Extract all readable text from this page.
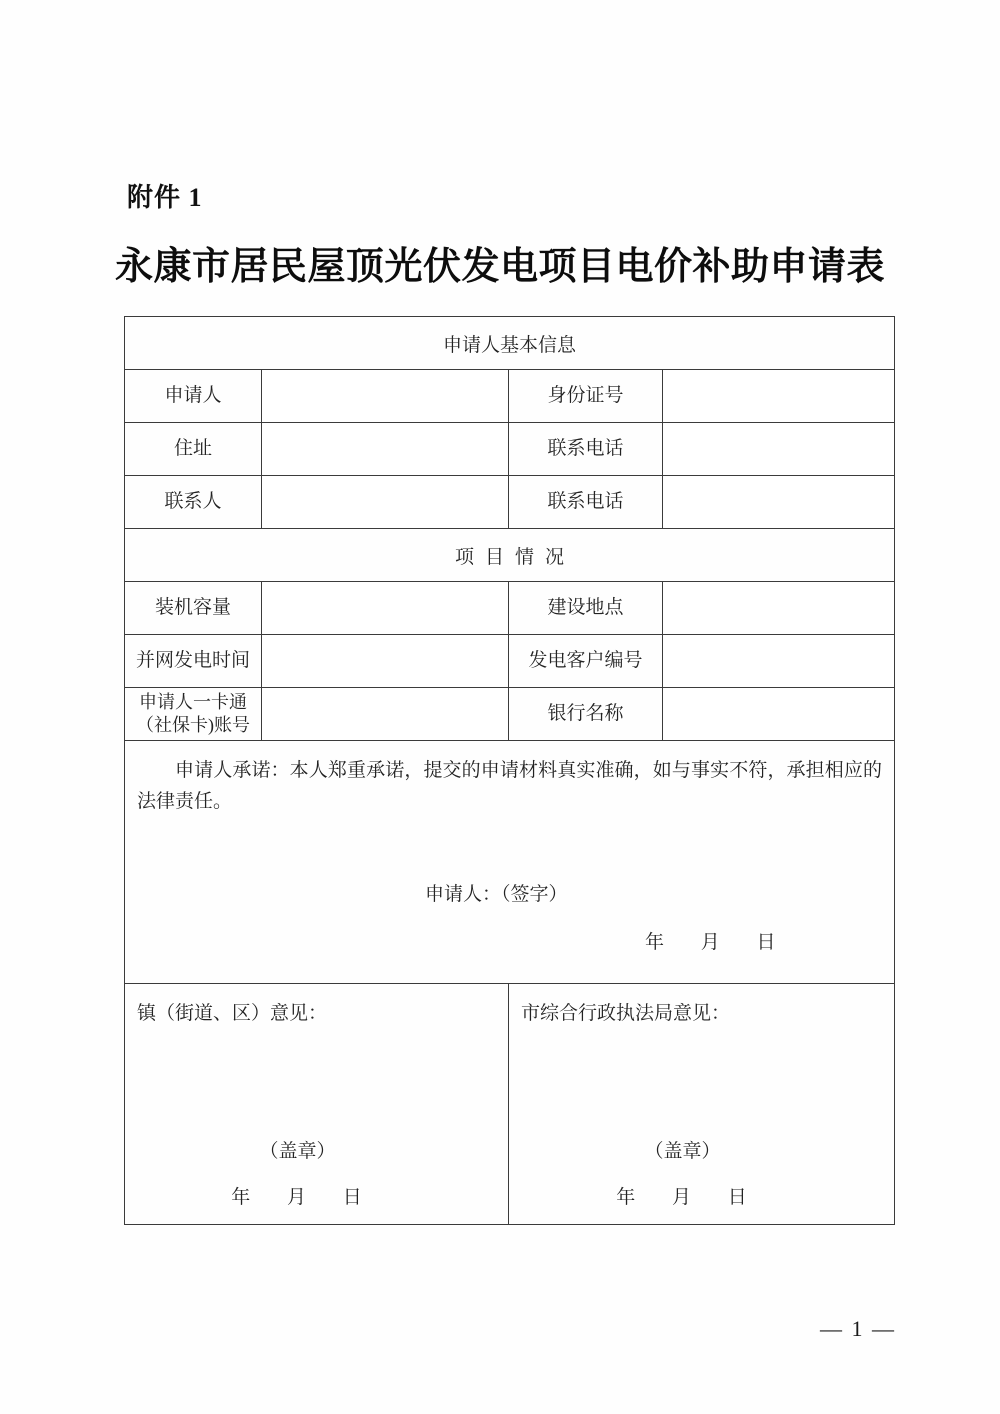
附件 1
永康市居民屋顶光伏发电项目电价补助申请表
申请人基本信息			
申请人		身份证号	
住址		联系电话	
联系人		联系电话	
项目情况			
装机容量		建设地点	
并网发电时间		发电客户编号	

申请人一卡通
（社保卡)账号		银行名称	

申请人承诺：本人郑重承诺，提交的申请材料真实准确，如与事实不符，承担相应的法律责任。
申请人：（签字）
年 月 日			

镇（街道、区）意见：
（盖章）
年 月 日

市综合行政执法局意见：
（盖章）
年 月 日
— 1 —
